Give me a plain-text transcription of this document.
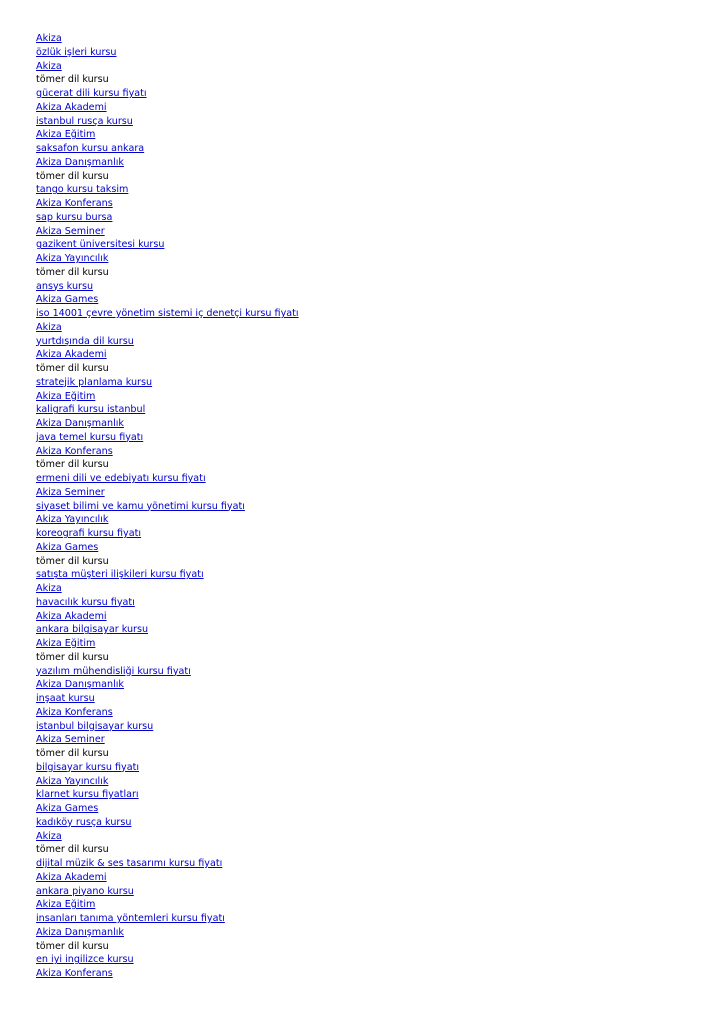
Akiza
özlük işleri kursu
Akiza
tömer dil kursu
gücerat dili kursu fiyatı
Akiza Akademi
istanbul rusça kursu
Akiza Eğitim
saksafon kursu ankara
Akiza Danışmanlık
tömer dil kursu
tango kursu taksim
Akiza Konferans
sap kursu bursa
Akiza Seminer
gazikent üniversitesi kursu
Akiza Yayıncılık
tömer dil kursu
ansys kursu
Akiza Games
iso 14001 çevre yönetim sistemi iç denetçi kursu fiyatı
Akiza
yurtdışında dil kursu
Akiza Akademi
tömer dil kursu
stratejik planlama kursu
Akiza Eğitim
kaligrafi kursu istanbul
Akiza Danışmanlık
java temel kursu fiyatı
Akiza Konferans
tömer dil kursu
ermeni dili ve edebiyatı kursu fiyatı
Akiza Seminer
siyaset bilimi ve kamu yönetimi kursu fiyatı
Akiza Yayıncılık
koreografi kursu fiyatı
Akiza Games
tömer dil kursu
satışta müşteri ilişkileri kursu fiyatı
Akiza
havacılık kursu fiyatı
Akiza Akademi
ankara bilgisayar kursu
Akiza Eğitim
tömer dil kursu
yazılım mühendisliği kursu fiyatı
Akiza Danışmanlık
inşaat kursu
Akiza Konferans
istanbul bilgisayar kursu
Akiza Seminer
tömer dil kursu
bilgisayar kursu fiyatı
Akiza Yayıncılık
klarnet kursu fiyatları
Akiza Games
kadıköy rusça kursu
Akiza
tömer dil kursu
dijital müzik & ses tasarımı kursu fiyatı
Akiza Akademi
ankara piyano kursu
Akiza Eğitim
insanları tanıma yöntemleri kursu fiyatı
Akiza Danışmanlık
tömer dil kursu
en iyi ingilizce kursu
Akiza Konferans
